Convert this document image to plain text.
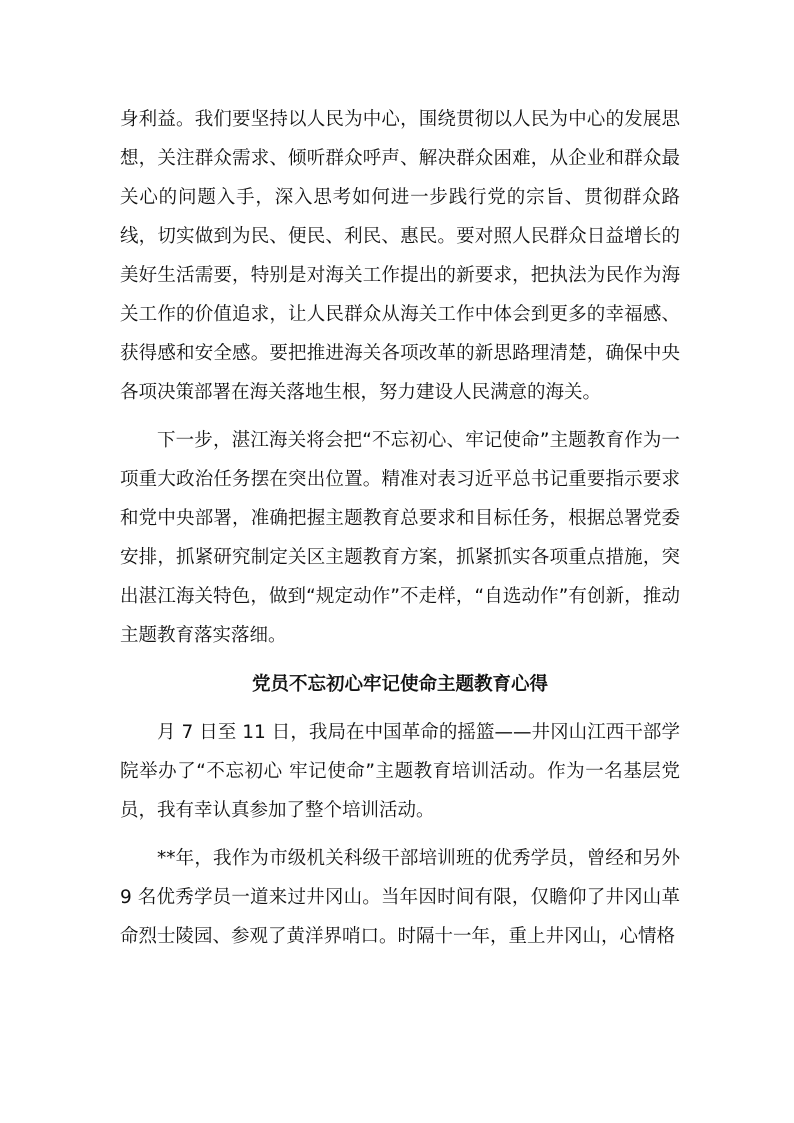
身利益。我们要坚持以人民为中心，围绕贯彻以人民为中心的发展思想，关注群众需求、倾听群众呼声、解决群众困难，从企业和群众最关心的问题入手，深入思考如何进一步践行党的宗旨、贯彻群众路线，切实做到为民、便民、利民、惠民。要对照人民群众日益增长的美好生活需要，特别是对海关工作提出的新要求，把执法为民作为海关工作的价值追求，让人民群众从海关工作中体会到更多的幸福感、获得感和安全感。要把推进海关各项改革的新思路理清楚，确保中央各项决策部署在海关落地生根，努力建设人民满意的海关。

下一步，湛江海关将会把“不忘初心、牢记使命”主题教育作为一项重大政治任务摆在突出位置。精准对表习近平总书记重要指示要求和党中央部署，准确把握主题教育总要求和目标任务，根据总署党委安排，抓紧研究制定关区主题教育方案，抓紧抓实各项重点措施，突出湛江海关特色，做到“规定动作”不走样，“自选动作”有创新，推动主题教育落实落细。

党员不忘初心牢记使命主题教育心得

月 7 日至 11 日，我局在中国革命的摇篮——井冈山江西干部学院举办了“不忘初心 牢记使命”主题教育培训活动。作为一名基层党员，我有幸认真参加了整个培训活动。

**年，我作为市级机关科级干部培训班的优秀学员，曾经和另外 9 名优秀学员一道来过井冈山。当年因时间有限，仅瞻仰了井冈山革命烈士陵园、参观了黄洋界哨口。时隔十一年，重上井冈山，心情格
